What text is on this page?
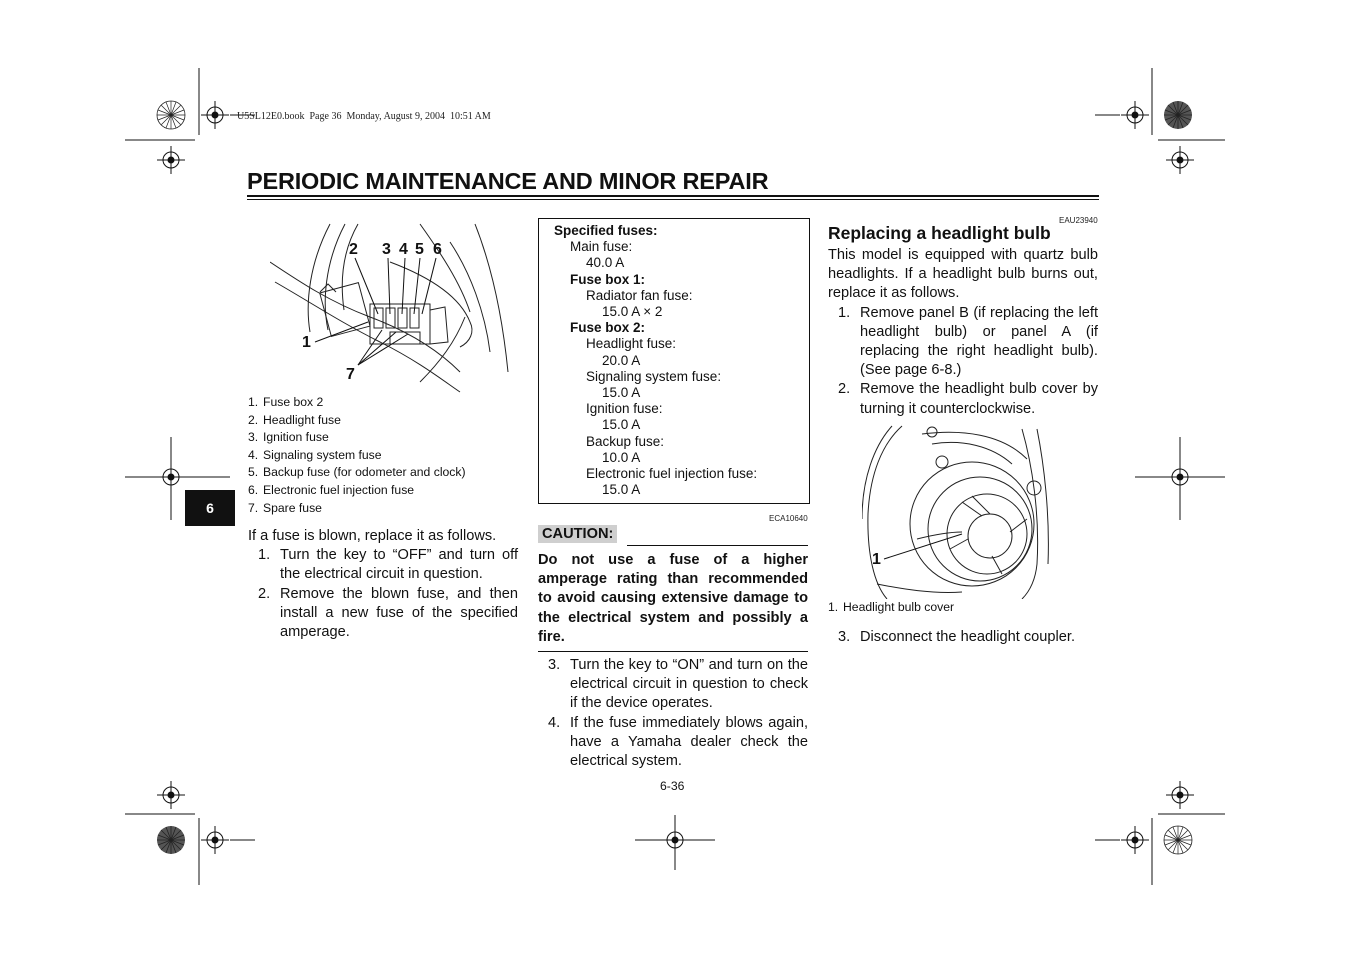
U5SL12E0.book  Page 36  Monday, August 9, 2004  10:51 AM
PERIODIC MAINTENANCE AND MINOR REPAIR
6
2 3 4 5 6
1
7
1. Fuse box 2
2. Headlight fuse
3. Ignition fuse
4. Signaling system fuse
5. Backup fuse (for odometer and clock)
6. Electronic fuel injection fuse
7. Spare fuse
If a fuse is blown, replace it as follows.
1. Turn the key to “OFF” and turn off the electrical circuit in question.
2. Remove the blown fuse, and then install a new fuse of the specified amperage.
Specified fuses:
Main fuse:
40.0 A
Fuse box 1:
Radiator fan fuse:
15.0 A × 2
Fuse box 2:
Headlight fuse:
20.0 A
Signaling system fuse:
15.0 A
Ignition fuse:
15.0 A
Backup fuse:
10.0 A
Electronic fuel injection fuse:
15.0 A
ECA10640
CAUTION:
Do not use a fuse of a higher amperage rating than recommended to avoid causing extensive damage to the electrical system and possibly a fire.
3. Turn the key to “ON” and turn on the electrical circuit in question to check if the device operates.
4. If the fuse immediately blows again, have a Yamaha dealer check the electrical system.
6-36
EAU23940
Replacing a headlight bulb
This model is equipped with quartz bulb headlights. If a headlight bulb burns out, replace it as follows.
1. Remove panel B (if replacing the left headlight bulb) or panel A (if replacing the right headlight bulb). (See page 6-8.)
2. Remove the headlight bulb cover by turning it counterclockwise.
1
1. Headlight bulb cover
3. Disconnect the headlight coupler.
